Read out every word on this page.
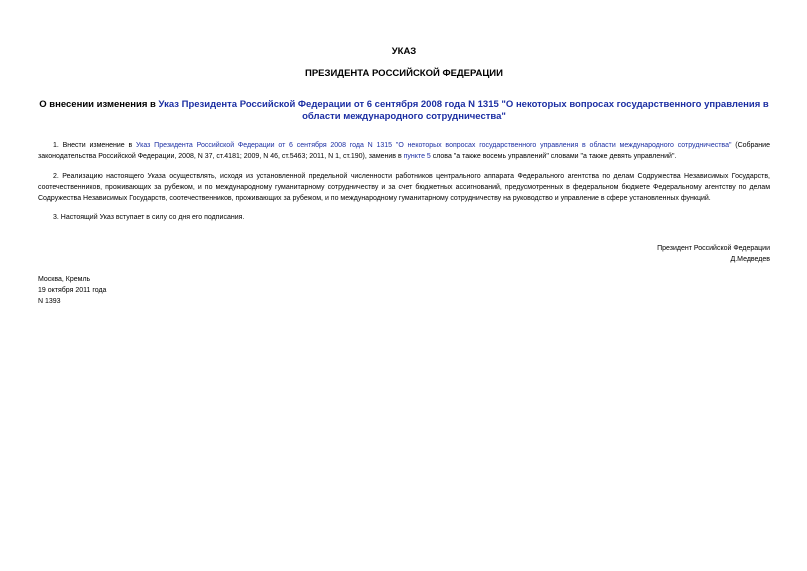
УКАЗ
ПРЕЗИДЕНТА РОССИЙСКОЙ ФЕДЕРАЦИИ
О внесении изменения в Указ Президента Российской Федерации от 6 сентября 2008 года N 1315 "О некоторых вопросах государственного управления в области международного сотрудничества"
1. Внести изменение в Указ Президента Российской Федерации от 6 сентября 2008 года N 1315 "О некоторых вопросах государственного управления в области международного сотрудничества" (Собрание законодательства Российской Федерации, 2008, N 37, ст.4181; 2009, N 46, ст.5463; 2011, N 1, ст.190), заменив в пункте 5 слова "а также восемь управлений" словами "а также девять управлений".
2. Реализацию настоящего Указа осуществлять, исходя из установленной предельной численности работников центрального аппарата Федерального агентства по делам Содружества Независимых Государств, соотечественников, проживающих за рубежом, и по международному гуманитарному сотрудничеству и за счет бюджетных ассигнований, предусмотренных в федеральном бюджете Федеральному агентству по делам Содружества Независимых Государств, соотечественников, проживающих за рубежом, и по международному гуманитарному сотрудничеству на руководство и управление в сфере установленных функций.
3. Настоящий Указ вступает в силу со дня его подписания.
Президент Российской Федерации
Д.Медведев
Москва, Кремль
19 октября 2011 года
N 1393
